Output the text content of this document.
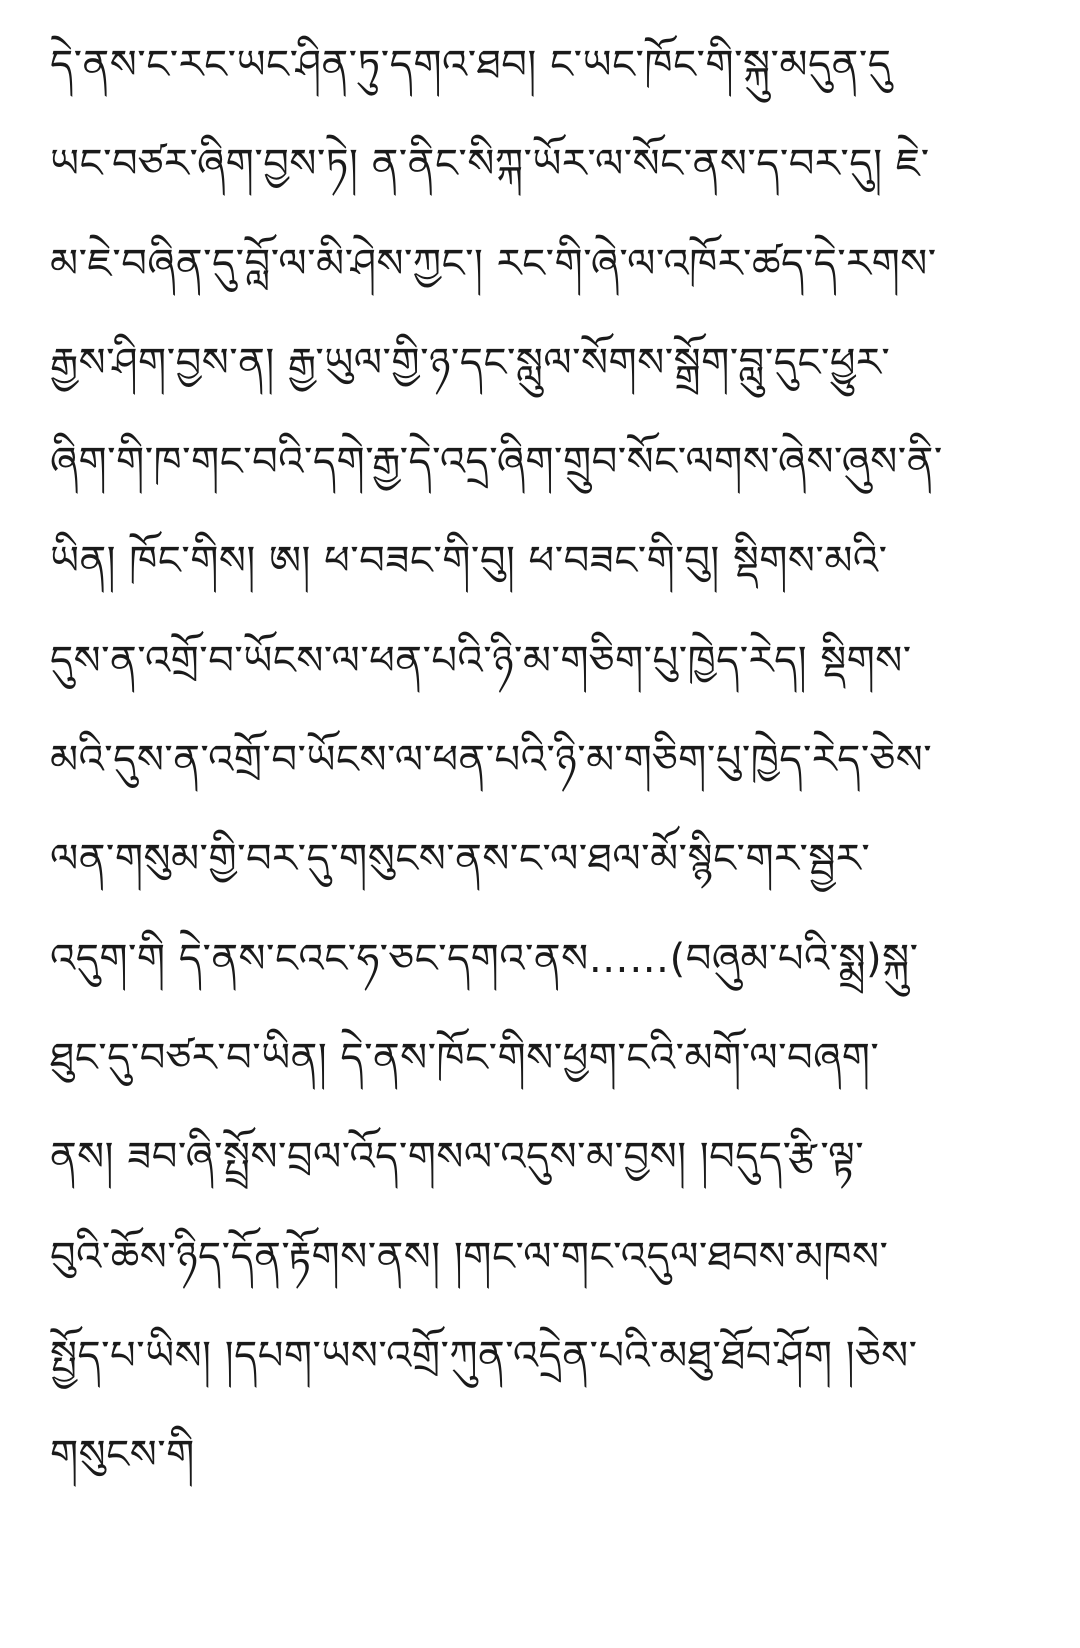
དེ་ནས་ང་རང་ཡང་ཤིན་ཏུ་དགའ་ཐབ། ང་ཡང་ཁོང་གི་སྐུ་མདུན་དུ
ཡང་བཙར་ཞིག་བྱས་ཏེ། ན་ནིང་སིཀྐ་ཡོར་ལ་སོང་ནས་ད་བར་དུ། ཇེ་
མ་ཇེ་བཞིན་དུ་བློ་ལ་མི་ཤེས་ཀྱང་། རང་གི་ཞེ་ལ་འཁོར་ཚད་དེ་རགས་
རྒྱས་ཤིག་བྱས་ན། རྒྱ་ཡུལ་གྱི་ཉ་དང་སླུལ་སོགས་སྒྲོག་བླུ་དུང་ཕྱུར་
ཞིག་གི་ཁ་གང་བའི་དགེ་རྒྱ་དེ་འདྲ་ཞིག་གྲུབ་སོང་ལགས་ཞེས་ཞུས་ནི་
ཡིན། ཁོང་གིས། ཨ། ཕ་བཟང་གི་བུ། ཕ་བཟང་གི་བུ། སྡིགས་མའི་
དུས་ན་འགྲོ་བ་ཡོངས་ལ་ཕན་པའི་ཉི་མ་གཅིག་པུ་ཁྱེད་རེད། སྡིགས་
མའི་དུས་ན་འགྲོ་བ་ཡོངས་ལ་ཕན་པའི་ཉི་མ་གཅིག་པུ་ཁྱེད་རེད་ཅེས་
ལན་གསུམ་གྱི་བར་དུ་གསུངས་ནས་ང་ལ་ཐལ་མོ་སྙིང་གར་སྦྱར་
འདུག་གི དེ་ནས་ངའང་ཧ་ཅང་དགའ་ནས……(བཞུམ་པའི་སྨྲ)སྐུ་
ཐུང་དུ་བཙར་བ་ཡིན། དེ་ནས་ཁོང་གིས་ཕྱག་ངའི་མགོ་ལ་བཞག་
ནས། ཟབ་ཞི་སྤྲོས་བྲལ་འོད་གསལ་འདུས་མ་བྱས། །བདུད་རྩི་ལྟ་
བུའི་ཆོས་ཉིད་དོན་རྟོགས་ནས། །གང་ལ་གང་འདུལ་ཐབས་མཁས་
སྤྱོད་པ་ཡིས། །དཔག་ཡས་འགྲོ་ཀུན་འདྲེན་པའི་མཐུ་ཐོབ་ཤོག །ཅེས་
གསུངས་གི
